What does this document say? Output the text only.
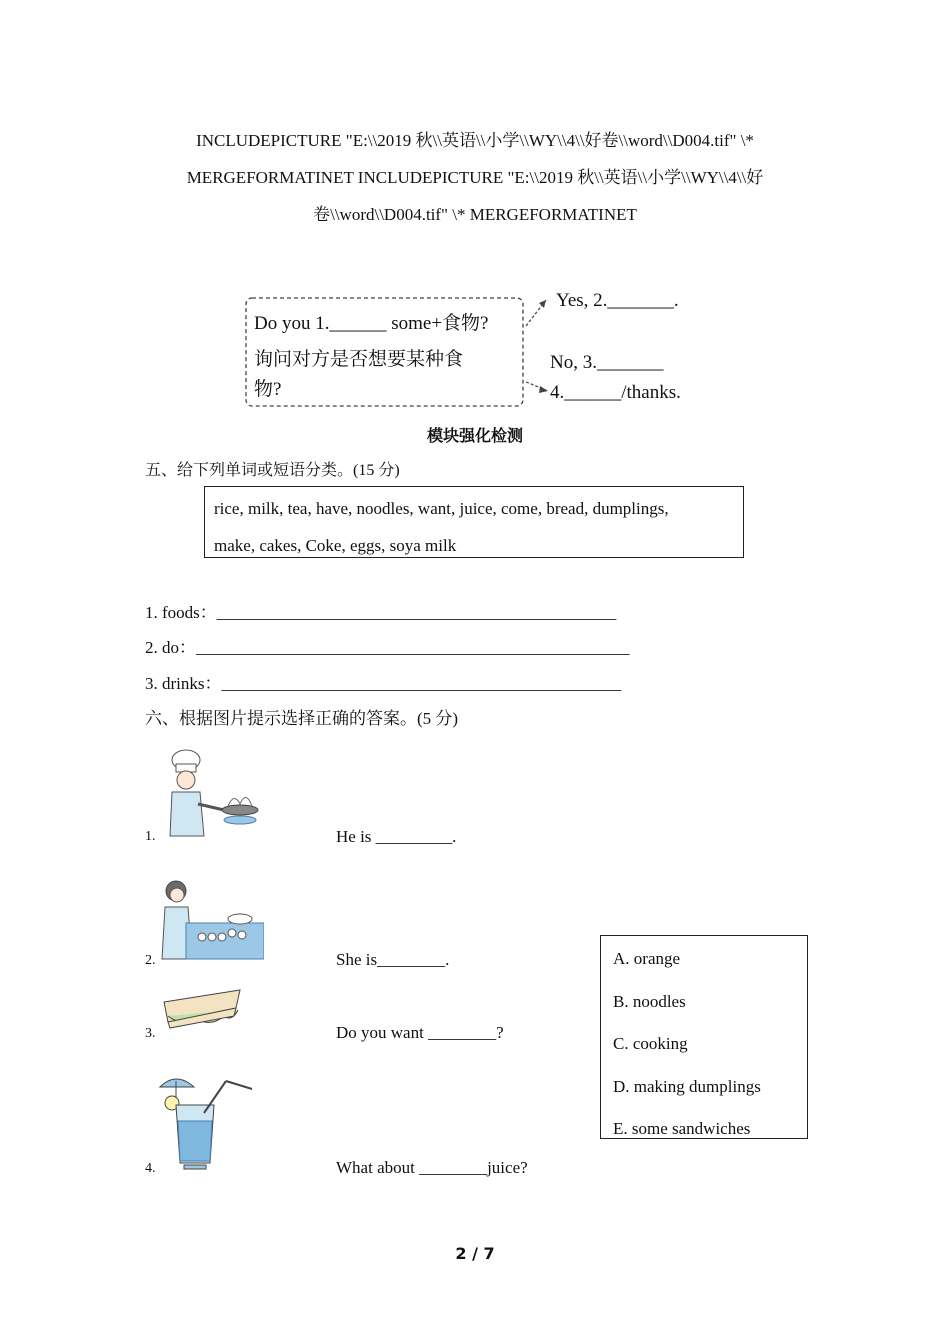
INCLUDEPICTURE "E:\\2019 秋\\英语\\小学\\WY\\4\\好卷\\word\\D004.tif" \*
MERGEFORMATINET INCLUDEPICTURE "E:\\2019 秋\\英语\\小学\\WY\\4\\好
卷\\word\\D004.tif" \* MERGEFORMATINET
Do you 1.______ some+食物?
询问对方是否想要某种食
物?
Yes, 2._______.
No, 3._______
4.______/thanks.
模块强化检测
五、给下列单词或短语分类。(15 分)
rice, milk, tea, have, noodles, want, juice, come, bread, dumplings,
make, cakes, Coke, eggs, soya milk
1. foods：_______________________________________________
2. do：___________________________________________________
3. drinks：_______________________________________________
六、根据图片提示选择正确的答案。(5 分)
1.	He is _________.
2.	She is________.
3.	Do you want ________?
4.	What about ________juice?
A. orange
B. noodles
C. cooking
D. making dumplings
E. some sandwiches
2 / 7
